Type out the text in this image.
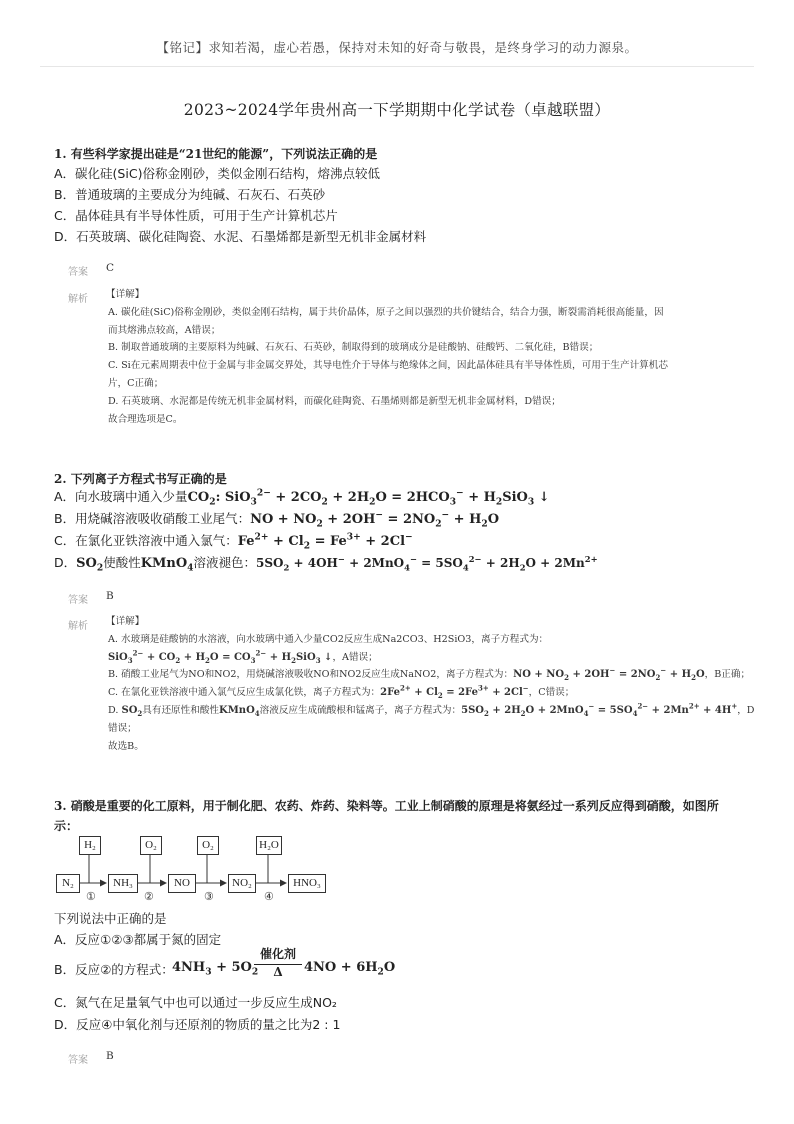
【铭记】求知若渴，虚心若愚，保持对未知的好奇与敬畏，是终身学习的动力源泉。
2023~2024学年贵州高一下学期期中化学试卷（卓越联盟）
1. 有些科学家提出硅是“21世纪的能源”，下列说法正确的是
A．碳化硅(SiC)俗称金刚砂，类似金刚石结构，熔沸点较低
B．普通玻璃的主要成分为纯碱、石灰石、石英砂
C．晶体硅具有半导体性质，可用于生产计算机芯片
D．石英玻璃、碳化硅陶瓷、水泥、石墨烯都是新型无机非金属材料
答案 C
解析 【详解】
A. 碳化硅(SiC)俗称金刚砂，类似金刚石结构，属于共价晶体，原子之间以强烈的共价键结合，结合力强，断裂需消耗很高能量，因
而其熔沸点较高，A错误；
B. 制取普通玻璃的主要原料为纯碱、石灰石、石英砂，制取得到的玻璃成分是硅酸钠、硅酸钙、二氧化硅，B错误；
C. Si在元素周期表中位于金属与非金属交界处，其导电性介于导体与绝缘体之间，因此晶体硅具有半导体性质，可用于生产计算机芯
片，C正确；
D. 石英玻璃、水泥都是传统无机非金属材料，而碳化硅陶瓷、石墨烯则都是新型无机非金属材料，D错误；
故合理选项是C。
2. 下列离子方程式书写正确的是
A．向水玻璃中通入少量$CO_2$: $SiO_3^{2-} + 2CO_2 + 2H_2O = 2HCO_3^- + H_2SiO_3$ ↓
B．用烧碱溶液吸收硝酸工业尾气：NO + $NO_2 + 2OH^- = 2NO_2^- + H_2O$
C．在氯化亚铁溶液中通入氯气：$Fe^{2+} + Cl_2 = Fe^{3+} + 2Cl^-$
D．$SO_2$使酸性KMnO$_4$溶液褪色：$5SO_2 + 4OH^- + 2MnO_4^- = 5SO_4^{2-} + 2H_2O + 2Mn^{2+}$
答案 B
解析 【详解】
A. 水玻璃是硅酸钠的水溶液，向水玻璃中通入少量CO2反应生成Na2CO3、H2SiO3，离子方程式为：
$SiO_3^{2-} + CO_2 + H_2O = CO_3^{2-} + H_2SiO_3$ ↓，A错误；
B. 硝酸工业尾气为NO和NO2，用烧碱溶液吸收NO和NO2反应生成NaNO2，离子方程式为：NO + $NO_2 + 2OH^- = 2NO_2^- + H_2O$，B正确；
C. 在氯化亚铁溶液中通入氯气反应生成氯化铁，离子方程式为：$2Fe^{2+} + Cl_2 = 2Fe^{3+} + 2Cl^-$，C错误；
D. $SO_2$具有还原性和酸性KMnO$_4$溶液反应生成硫酸根和锰离子，离子方程式为：$5SO_2 + 2H_2O + 2MnO_4^- = 5SO_4^{2-} + 2Mn^{2+} + 4H^+$，D
错误；
故选B。
3. 硝酸是重要的化工原料，用于制化肥、农药、炸药、染料等。工业上制硝酸的原理是将氨经过一系列反应得到硝酸，如图所
示：
H₂	O₂	O₂	H₂O
N₂	NH₃	NO	NO₂	HNO₃
①	②	③	④
下列说法中正确的是
A．反应①②③都属于氮的固定
B．反应②的方程式：
$4NH_3 + 5O_2$
催化剂
Δ	$4NO + 6H_2O$
C．氮气在足量氧气中也可以通过一步反应生成NO₂
D．反应④中氧化剂与还原剂的物质的量之比为2 : 1
答案 B
